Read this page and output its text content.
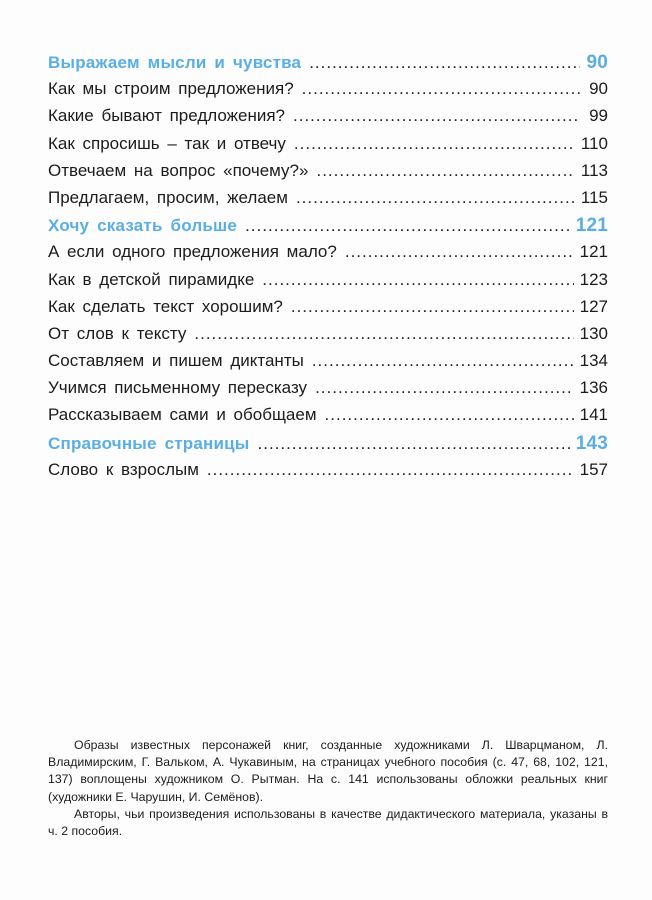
Выражаем мысли и чувства .....	90
Как мы строим предложения? .....	90
Какие бывают предложения? .....	99
Как спросишь – так и отвечу .....	110
Отвечаем на вопрос «почему?» .....	113
Предлагаем, просим, желаем .....	115
Хочу сказать больше .....	121
А если одного предложения мало? .....	121
Как в детской пирамидке .....	123
Как сделать текст хорошим? .....	127
От слов к тексту .....	130
Составляем и пишем диктанты .....	134
Учимся письменному пересказу .....	136
Рассказываем сами и обобщаем .....	141
Справочные страницы .....	143
Слово к взрослым .....	157

Образы известных персонажей книг, созданные художниками Л. Шварцманом, Л. Владимирским, Г. Вальком, А. Чукавиным, на страницах учебного пособия (с. 47, 68, 102, 121, 137) воплощены художником О. Рытман. На с. 141 использованы обложки реальных книг (художники Е. Чарушин, И. Семёнов).

Авторы, чьи произведения использованы в качестве дидактического материала, указаны в ч. 2 пособия.
